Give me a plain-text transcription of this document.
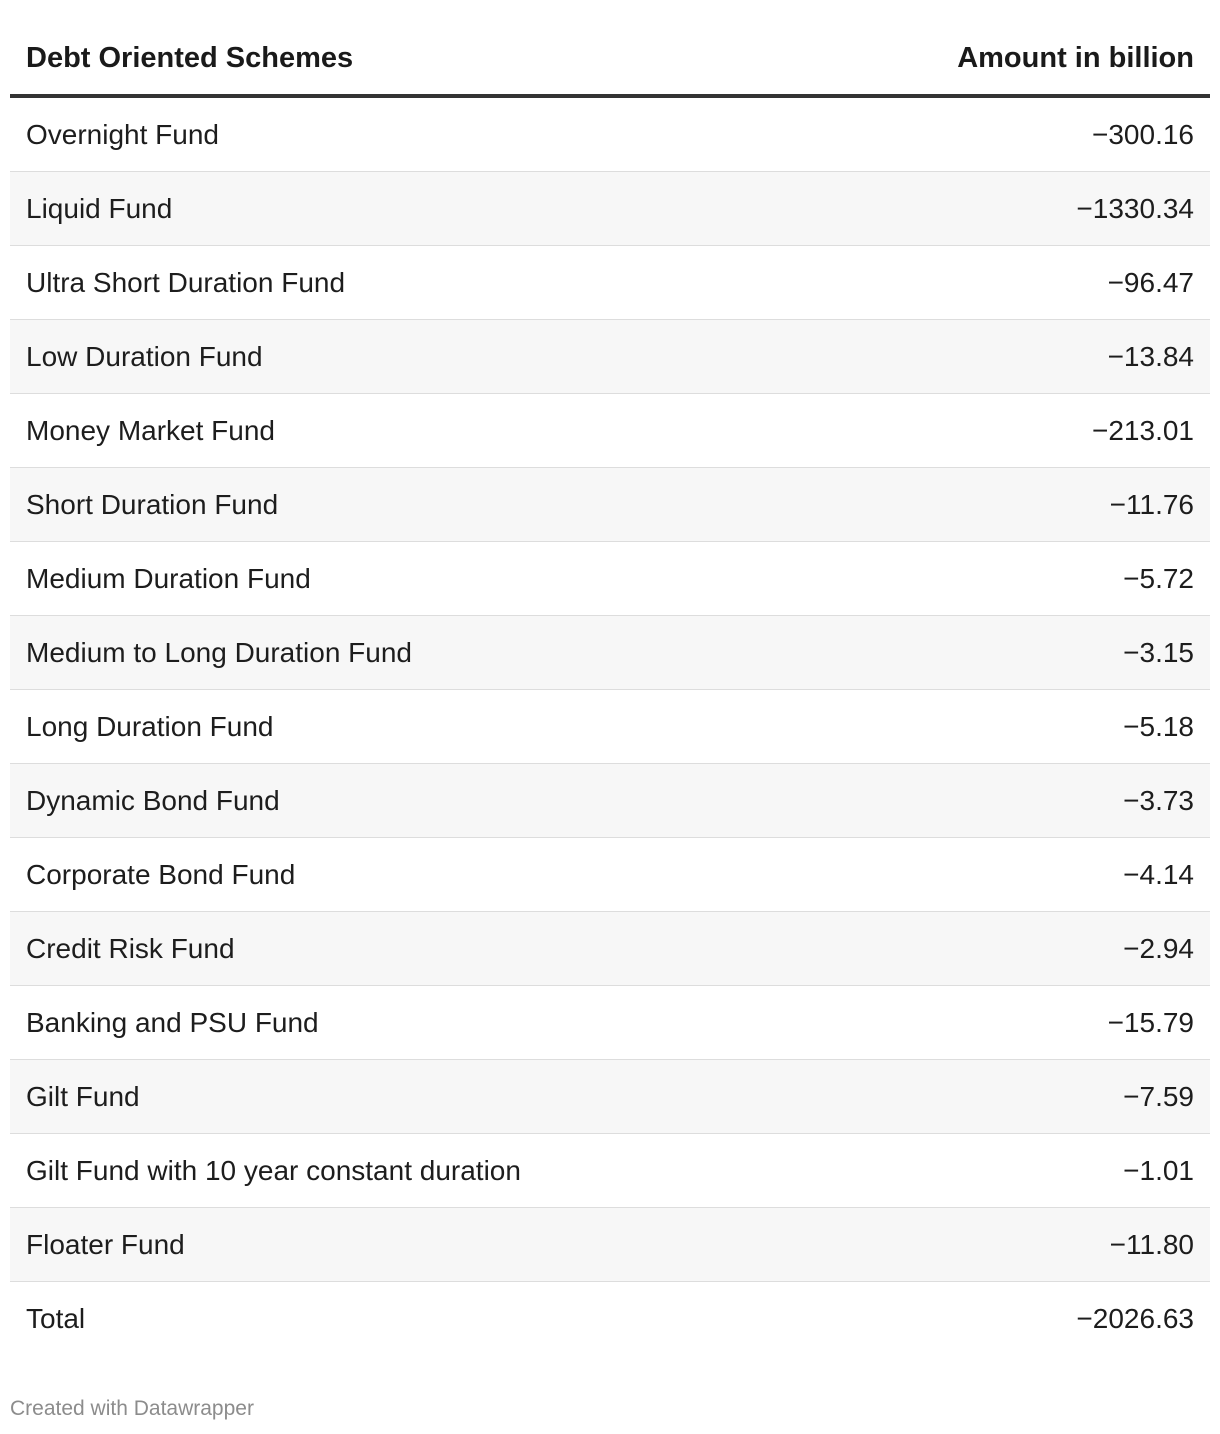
Debt Oriented Schemes	Amount in billion
Overnight Fund	−300.16
Liquid Fund	−1330.34
Ultra Short Duration Fund	−96.47
Low Duration Fund	−13.84
Money Market Fund	−213.01
Short Duration Fund	−11.76
Medium Duration Fund	−5.72
Medium to Long Duration Fund	−3.15
Long Duration Fund	−5.18
Dynamic Bond Fund	−3.73
Corporate Bond Fund	−4.14
Credit Risk Fund	−2.94
Banking and PSU Fund	−15.79
Gilt Fund	−7.59
Gilt Fund with 10 year constant duration	−1.01
Floater Fund	−11.80
Total	−2026.63
Created with Datawrapper
